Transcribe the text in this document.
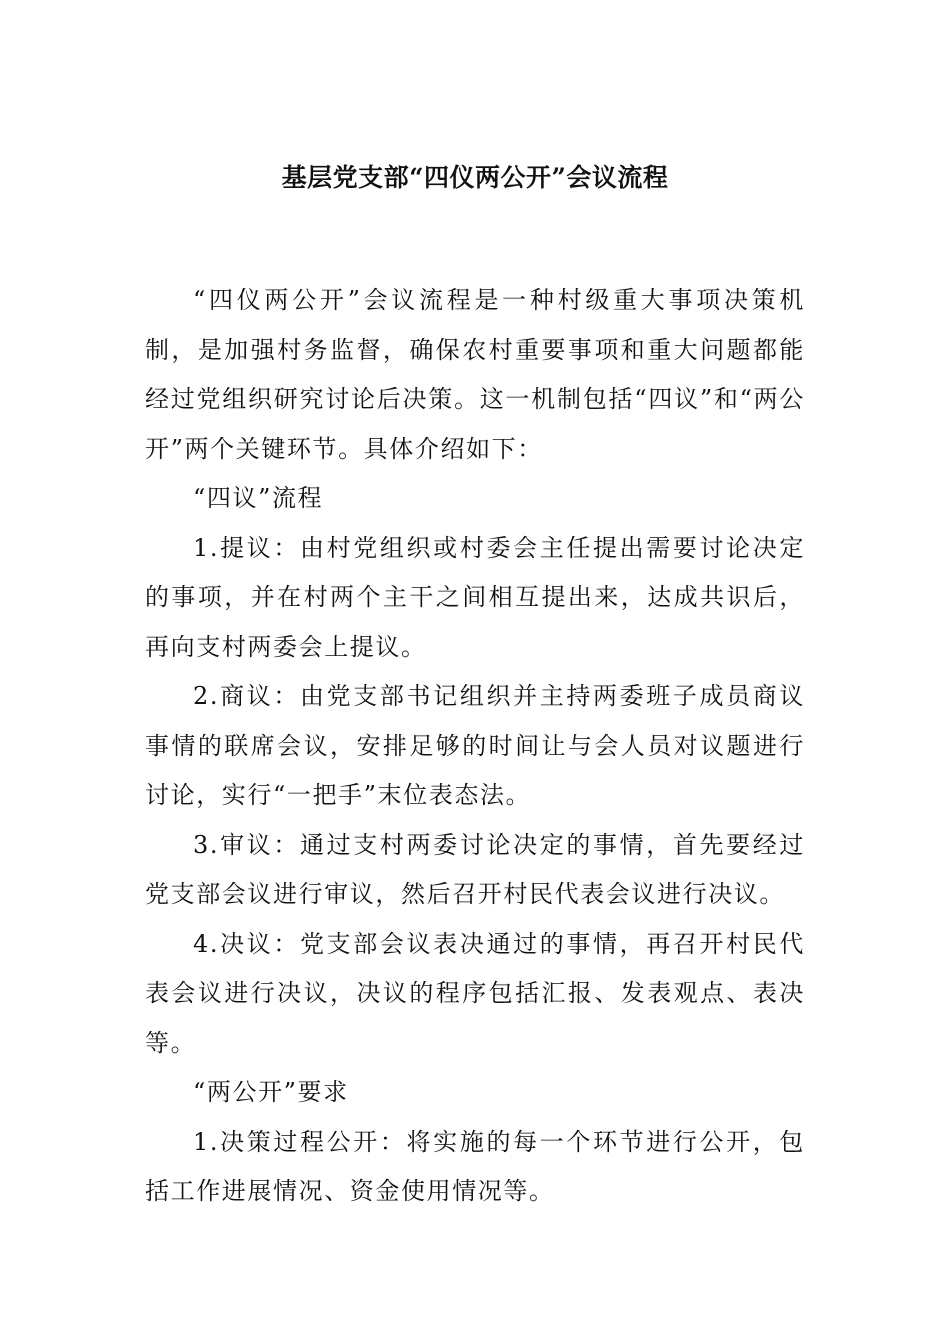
基层党支部“四仪两公开”会议流程

“四仪两公开”会议流程是一种村级重大事项决策机制，是加强村务监督，确保农村重要事项和重大问题都能经过党组织研究讨论后决策。这一机制包括“四议”和“两公开”两个关键环节。具体介绍如下：

“四议”流程

1.提议：由村党组织或村委会主任提出需要讨论决定的事项，并在村两个主干之间相互提出来，达成共识后，再向支村两委会上提议。

2.商议：由党支部书记组织并主持两委班子成员商议事情的联席会议，安排足够的时间让与会人员对议题进行讨论，实行“一把手”末位表态法。

3.审议：通过支村两委讨论决定的事情，首先要经过党支部会议进行审议，然后召开村民代表会议进行决议。

4.决议：党支部会议表决通过的事情，再召开村民代表会议进行决议，决议的程序包括汇报、发表观点、表决等。

“两公开”要求

1.决策过程公开：将实施的每一个环节进行公开，包括工作进展情况、资金使用情况等。
